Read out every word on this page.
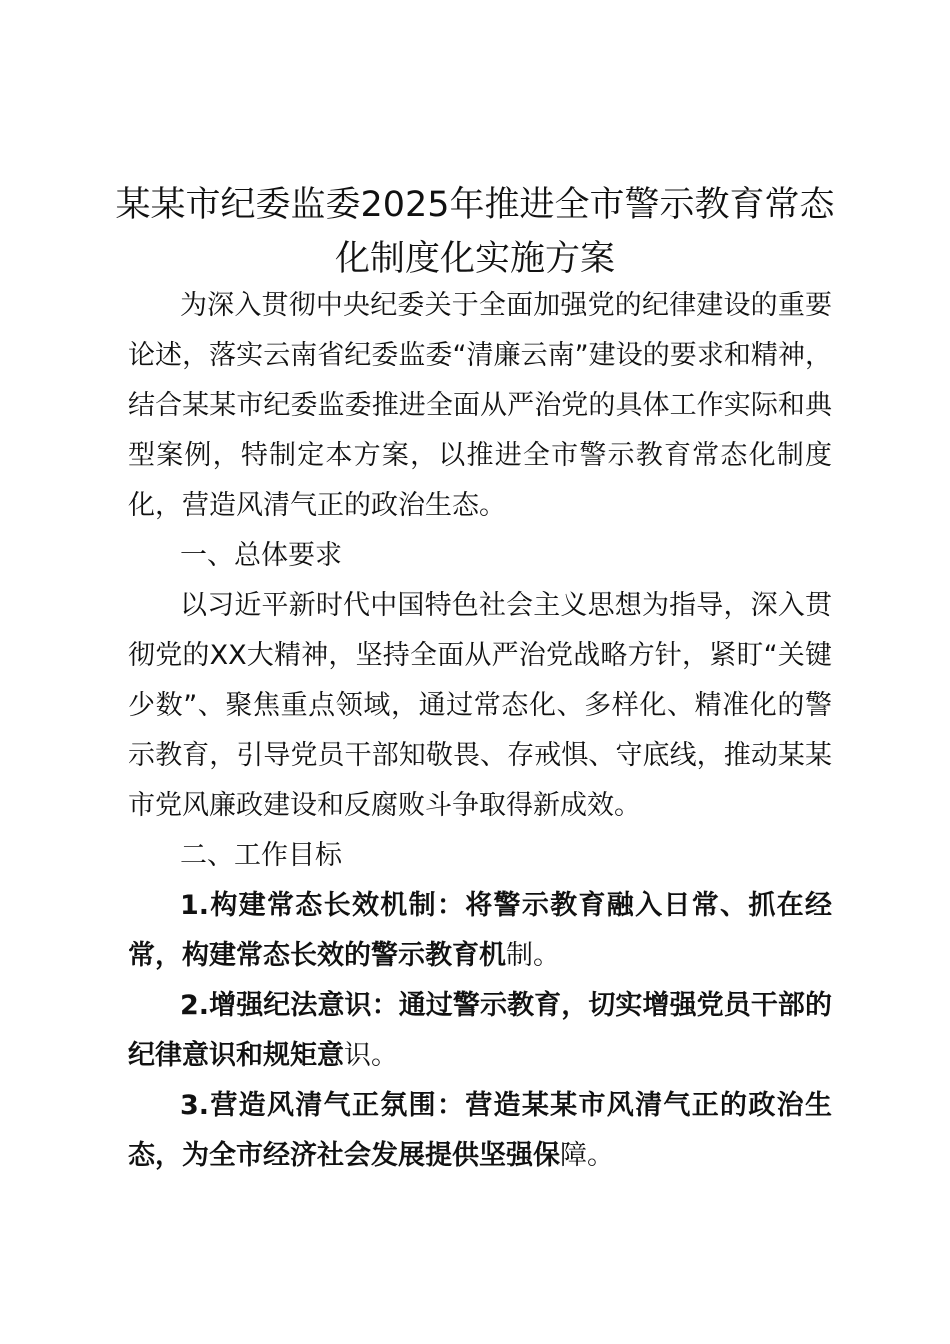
某某市纪委监委2025年推进全市警示教育常态化制度化实施方案

为深入贯彻中央纪委关于全面加强党的纪律建设的重要论述，落实云南省纪委监委“清廉云南”建设的要求和精神，结合某某市纪委监委推进全面从严治党的具体工作实际和典型案例，特制定本方案，以推进全市警示教育常态化制度化，营造风清气正的政治生态。

一、总体要求

以习近平新时代中国特色社会主义思想为指导，深入贯彻党的XX大精神，坚持全面从严治党战略方针，紧盯“关键少数”、聚焦重点领域，通过常态化、多样化、精准化的警示教育，引导党员干部知敬畏、存戒惧、守底线，推动某某市党风廉政建设和反腐败斗争取得新成效。

二、工作目标

1.构建常态长效机制：将警示教育融入日常、抓在经常，构建常态长效的警示教育机制。

2.增强纪法意识：通过警示教育，切实增强党员干部的纪律意识和规矩意识。

3.营造风清气正氛围：营造某某市风清气正的政治生态，为全市经济社会发展提供坚强保障。
